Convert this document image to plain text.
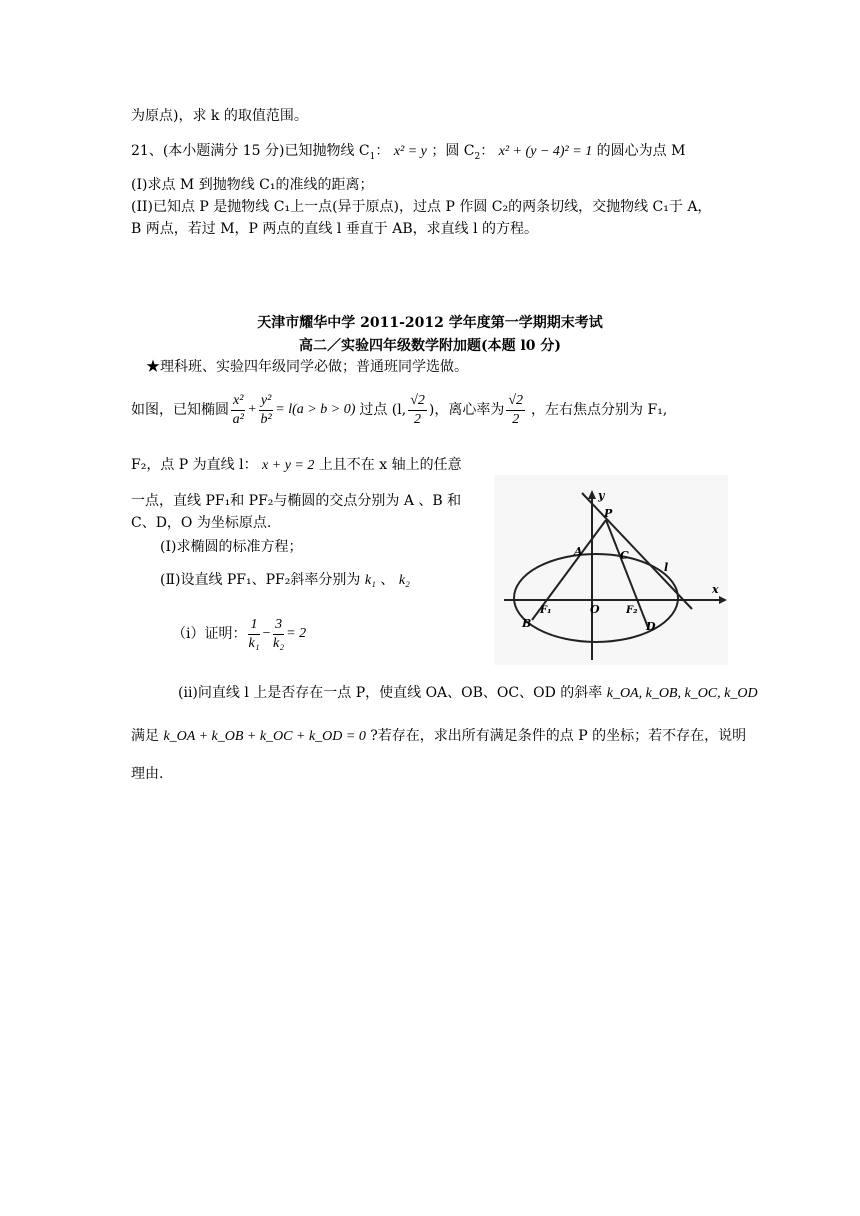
为原点)，求 k 的取值范围。
21、(本小题满分 15 分)已知抛物线 $C_1$： x² = y ；圆 $C_2$： x² + (y − 4)² = 1 的圆心为点 M
(I)求点 M 到抛物线 C₁的准线的距离；
(II)已知点 P 是抛物线 C₁上一点(异于原点)，过点 P 作圆 C₂的两条切线，交抛物线 C₁于 A，
B 两点，若过 M，P 两点的直线 l 垂直于 AB，求直线 l 的方程。
天津市耀华中学 2011-2012 学年度第一学期期末考试
高二／实验四年级数学附加题(本题 l0 分)
★理科班、实验四年级同学必做；普通班同学选做。
如图，已知椭圆 $\frac{\text{x²}}{\text{a²}} + \frac{\text{y²}}{\text{b²}} = l(a > b > 0)$ 过点 (l, $\frac{√2}{2}$ ) ，离心率为 $\frac{√2}{2}$ ，左右焦点分别为 F₁,
F₂，点 P 为直线 l： x + y = 2 上且不在 x 轴上的任意
一点，直线 PF₁和 PF₂与椭圆的交点分别为 A 、B 和
C、D，O 为坐标原点.
(I)求椭圆的标准方程；
(Ⅱ)设直线 PF₁、PF₂斜率分别为 k₁ 、 k₂
（i）证明： $\frac{1}{\text{k₁}} - \frac{3}{\text{k₂}} = 2$
(ii)问直线 l 上是否存在一点 P，使直线 OA、OB、OC、OD 的斜率 k_OA, k_OB, k_OC, k_OD
满足 k_OA + k_OB + k_OC + k_OD = 0 ?若存在，求出所有满足条件的点 P 的坐标；若不存在，说明
理由.
y
P
A	C
l
x
F₁	O	F₂
B	D
